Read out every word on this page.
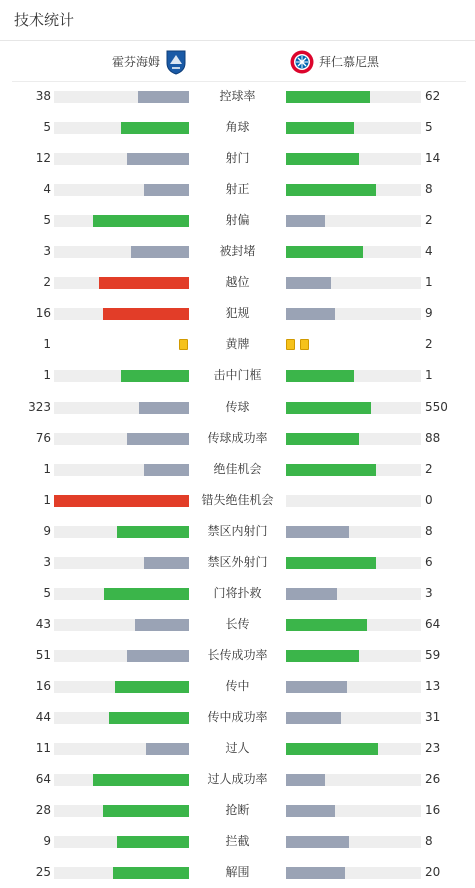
技术统计
霍芬海姆	拜仁慕尼黑
38	控球率	62
5	角球	5
12	射门	14
4	射正	8
5	射偏	2
3	被封堵	4
2	越位	1
16	犯规	9
1	黄牌	2
1	击中门框	1
323	传球	550
76	传球成功率	88
1	绝佳机会	2
1	错失绝佳机会	0
9	禁区内射门	8
3	禁区外射门	6
5	门将扑救	3
43	长传	64
51	长传成功率	59
16	传中	13
44	传中成功率	31
11	过人	23
64	过人成功率	26
28	抢断	16
9	拦截	8
25	解围	20
